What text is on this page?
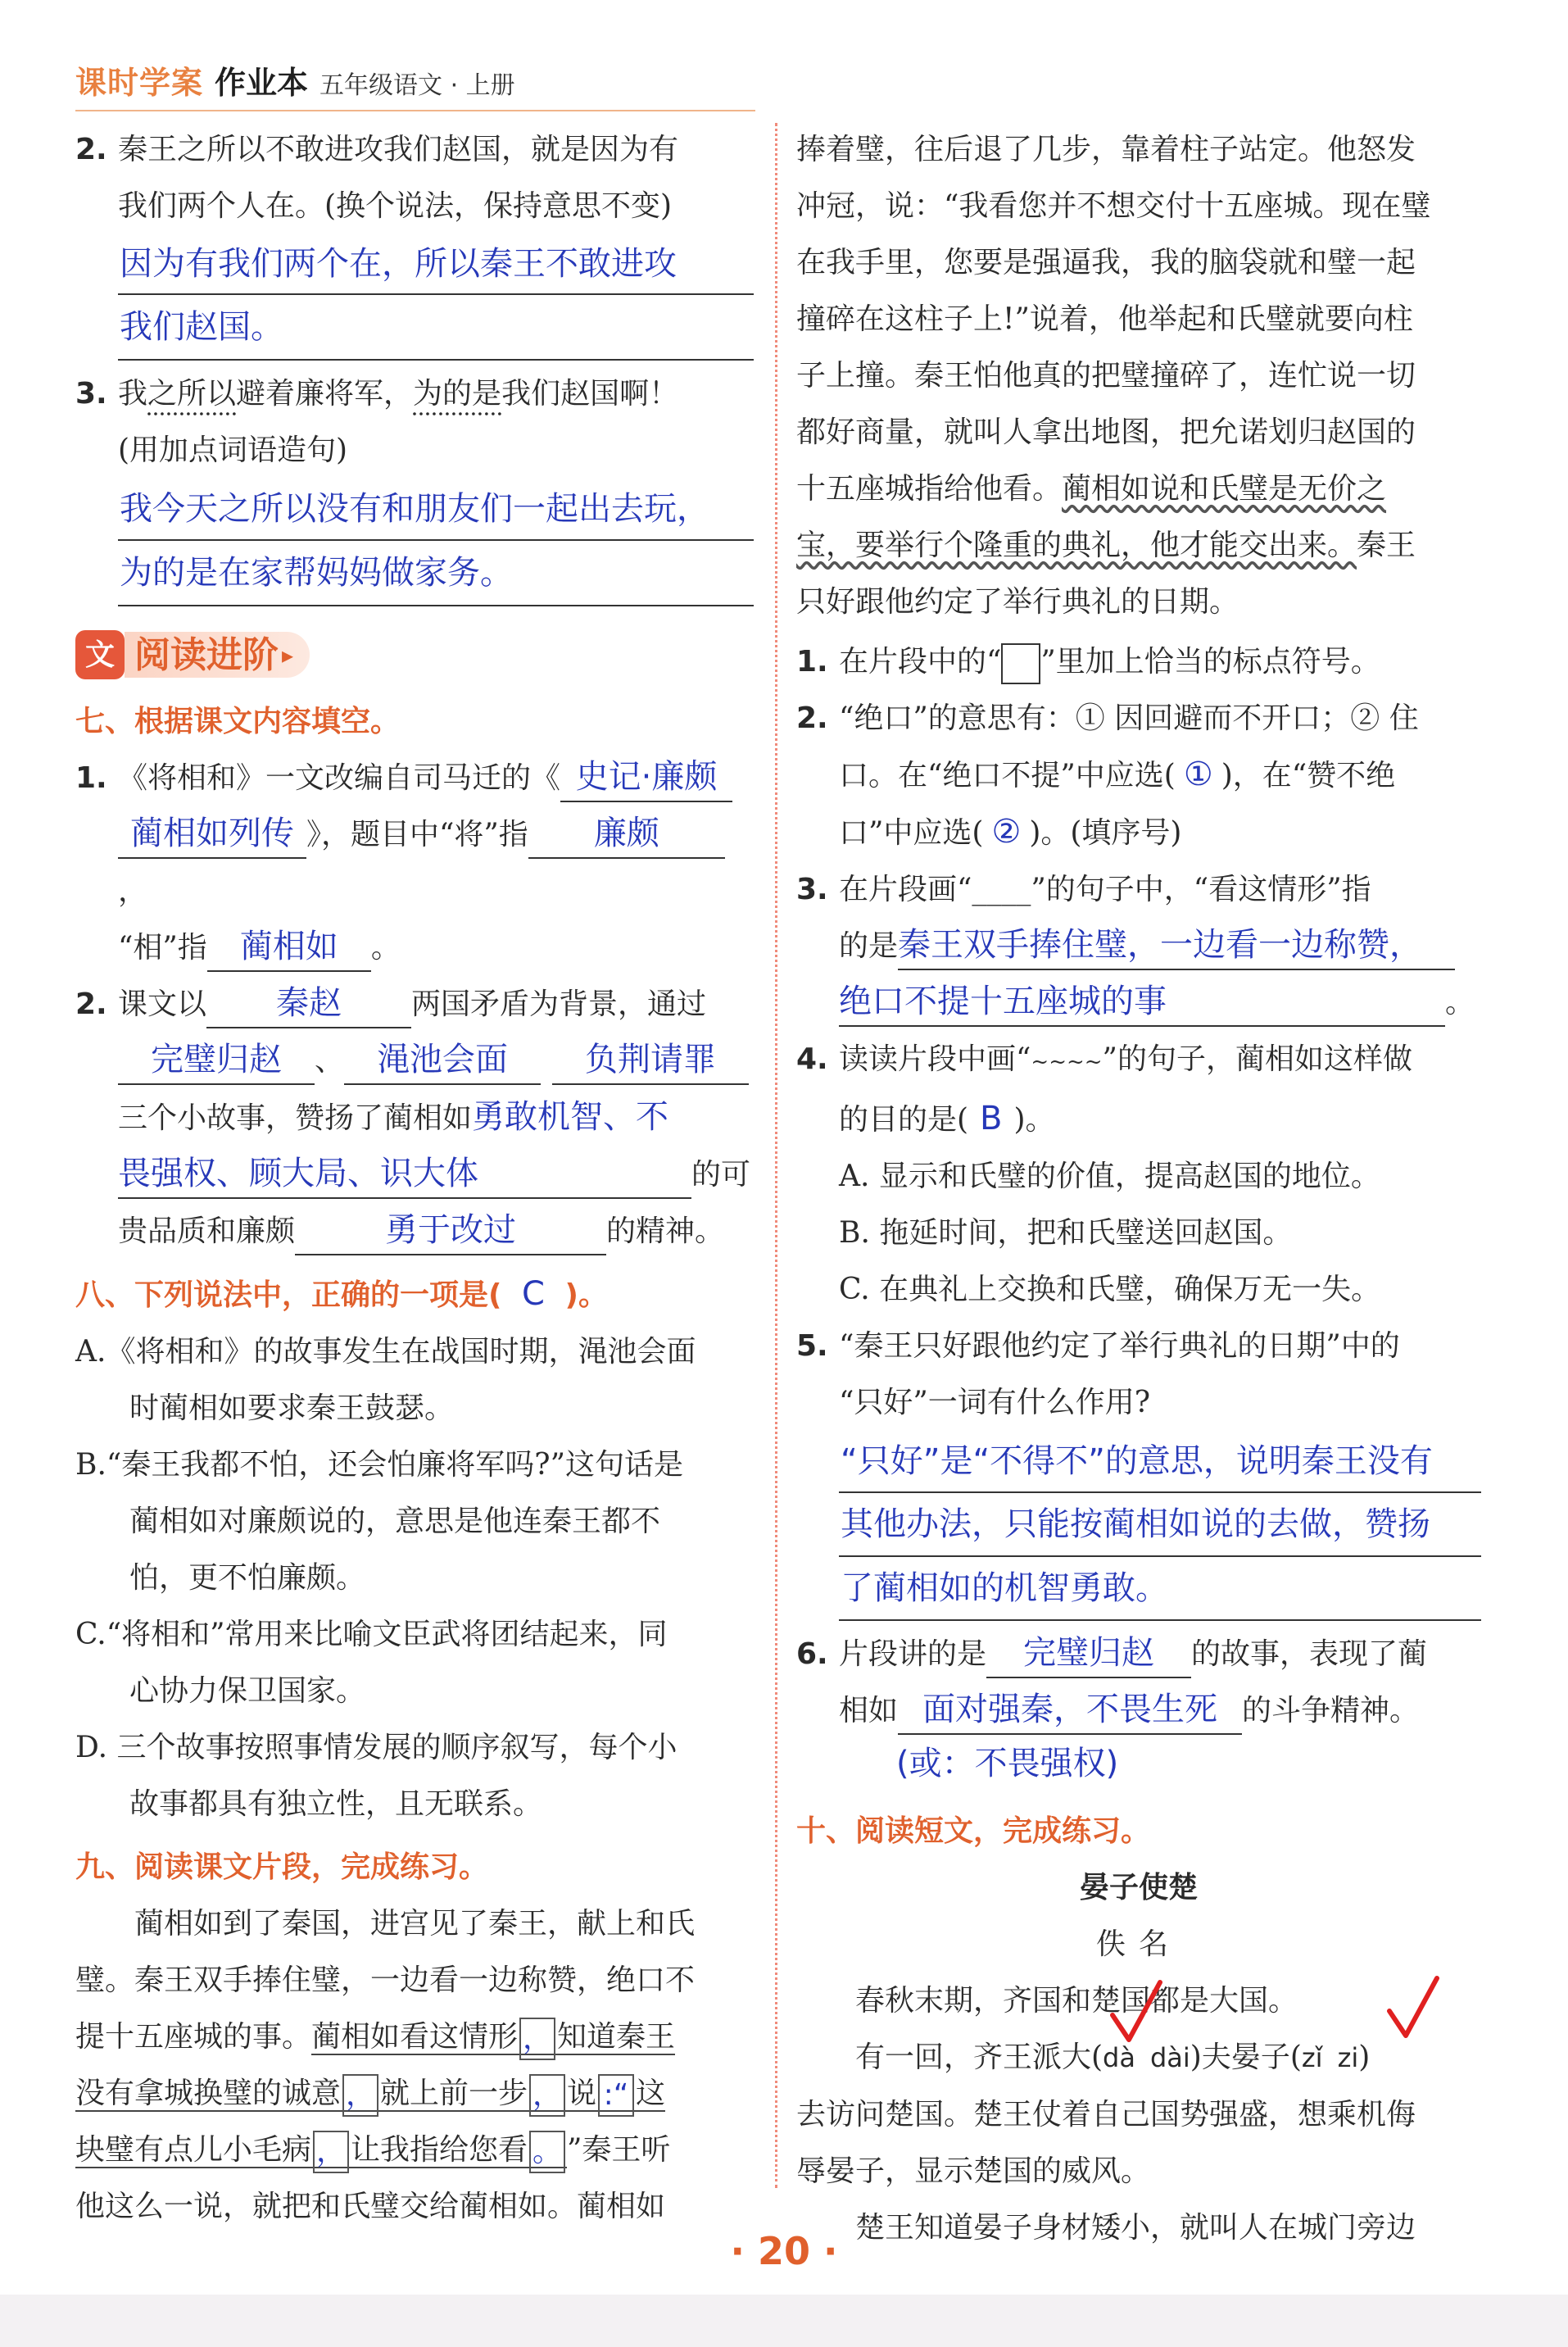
课时学案 作业本 五年级语文 · 上册
2. 秦王之所以不敢进攻我们赵国，就是因为有
我们两个人在。(换个说法，保持意思不变)
因为有我们两个在，所以秦王不敢进攻
我们赵国。
3. 我之所以避着廉将军，为的是我们赵国啊！
(用加点词语造句)
我今天之所以没有和朋友们一起出去玩，
为的是在家帮妈妈做家务。
文 阅读进阶 ▸
七、根据课文内容填空。
1. 《将相和》一文改编自司马迁的《 史记·廉颇
蔺相如列传 》，题目中“将”指 廉颇，
“相”指 蔺相如 。
2. 课文以 秦赵 两国矛盾为背景，通过
完璧归赵 、 渑池会面 负荆请罪
三个小故事，赞扬了蔺相如勇敢机智、不
畏强权、顾大局、识大体	的可
贵品质和廉颇	勇于改过	的精神。
八、下列说法中，正确的一项是( C )。
A.《将相和》的故事发生在战国时期，渑池会面
时蔺相如要求秦王鼓瑟。
B.“秦王我都不怕，还会怕廉将军吗?”这句话是
蔺相如对廉颇说的，意思是他连秦王都不
怕，更不怕廉颇。
C.“将相和”常用来比喻文臣武将团结起来，同
心协力保卫国家。
D. 三个故事按照事情发展的顺序叙写，每个小
故事都具有独立性，且无联系。
九、阅读课文片段，完成练习。
蔺相如到了秦国，进宫见了秦王，献上和氏
璧。秦王双手捧住璧，一边看一边称赞，绝口不
提十五座城的事。蔺相如看这情形 ， 知道秦王
没有拿城换璧的诚意 ， 就上前一步 ， 说 :“ 这
块璧有点儿小毛病 ， 让我指给您看 。 ”秦王听
他这么一说，就把和氏璧交给蔺相如。蔺相如
捧着璧，往后退了几步，靠着柱子站定。他怒发
冲冠，说：“我看您并不想交付十五座城。现在璧
在我手里，您要是强逼我，我的脑袋就和璧一起
撞碎在这柱子上!”说着，他举起和氏璧就要向柱
子上撞。秦王怕他真的把璧撞碎了，连忙说一切
都好商量，就叫人拿出地图，把允诺划归赵国的
十五座城指给他看。蔺相如说和氏璧是无价之
宝，要举行个隆重的典礼，他才能交出来。秦王
只好跟他约定了举行典礼的日期。
1. 在片段中的“ ”里加上恰当的标点符号。
2. “绝口”的意思有：① 因回避而不开口；② 住
口。在“绝口不提”中应选( ① )，在“赞不绝
口”中应选( ② )。(填序号)
3. 在片段画“____”的句子中，“看这情形”指
的是秦王双手捧住璧，一边看一边称赞，
绝口不提十五座城的事	。
4. 读读片段中画“~~~~”的句子，蔺相如这样做
的目的是( B )。
A. 显示和氏璧的价值，提高赵国的地位。
B. 拖延时间，把和氏璧送回赵国。
C. 在典礼上交换和氏璧，确保万无一失。
5. “秦王只好跟他约定了举行典礼的日期”中的
“只好”一词有什么作用?
“只好”是“不得不”的意思，说明秦王没有
其他办法，只能按蔺相如说的去做，赞扬
了蔺相如的机智勇敢。
6. 片段讲的是 完璧归赵 的故事，表现了蔺
相如 面对强秦，不畏生死 的斗争精神。
(或：不畏强权)
十、阅读短文，完成练习。
晏子使楚
佚名
春秋末期，齐国和楚国都是大国。
有一回，齐王派大(dà dài)夫晏子(zǐ zi)
去访问楚国。楚王仗着自己国势强盛，想乘机侮
辱晏子，显示楚国的威风。
楚王知道晏子身材矮小，就叫人在城门旁边
· 20 ·
